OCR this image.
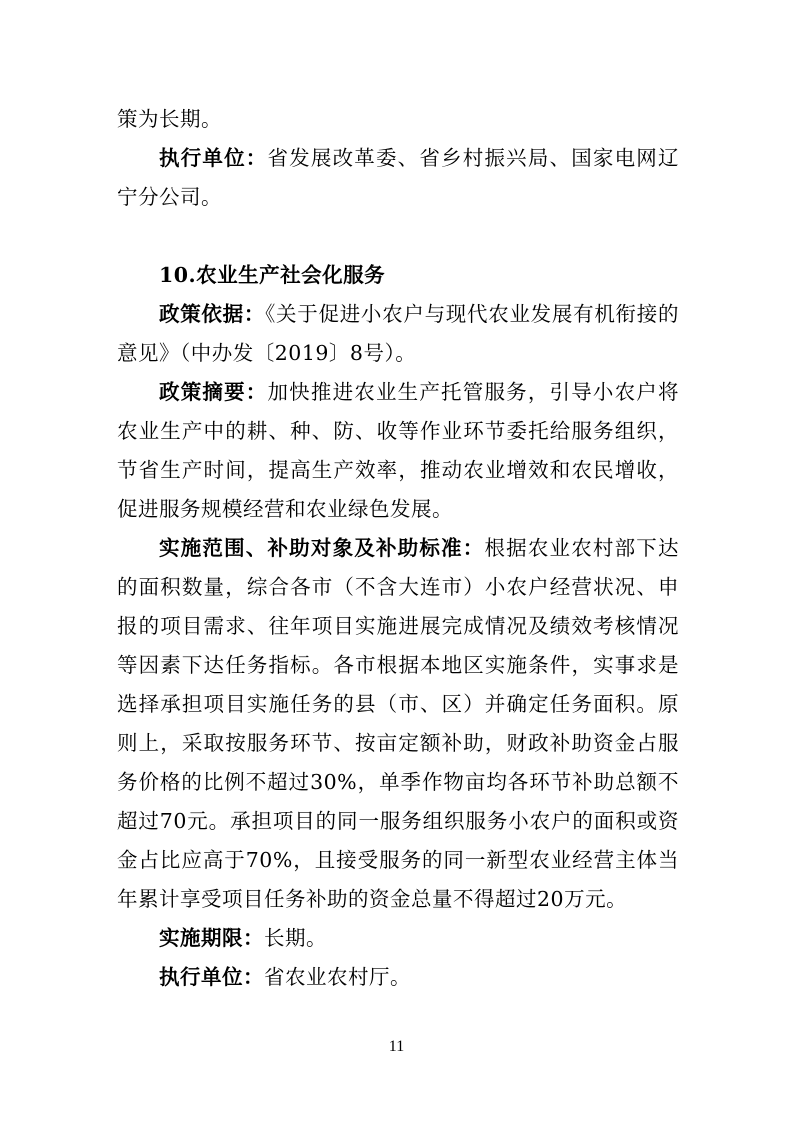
策为长期。

执行单位：省发展改革委、省乡村振兴局、国家电网辽宁分公司。

10.农业生产社会化服务

政策依据：《关于促进小农户与现代农业发展有机衔接的意见》（中办发〔2019〕8号）。

政策摘要：加快推进农业生产托管服务，引导小农户将农业生产中的耕、种、防、收等作业环节委托给服务组织，节省生产时间，提高生产效率，推动农业增效和农民增收，促进服务规模经营和农业绿色发展。

实施范围、补助对象及补助标准：根据农业农村部下达的面积数量，综合各市（不含大连市）小农户经营状况、申报的项目需求、往年项目实施进展完成情况及绩效考核情况等因素下达任务指标。各市根据本地区实施条件，实事求是选择承担项目实施任务的县（市、区）并确定任务面积。原则上，采取按服务环节、按亩定额补助，财政补助资金占服务价格的比例不超过30%，单季作物亩均各环节补助总额不超过70元。承担项目的同一服务组织服务小农户的面积或资金占比应高于70%，且接受服务的同一新型农业经营主体当年累计享受项目任务补助的资金总量不得超过20万元。

实施期限：长期。

执行单位：省农业农村厅。

11
